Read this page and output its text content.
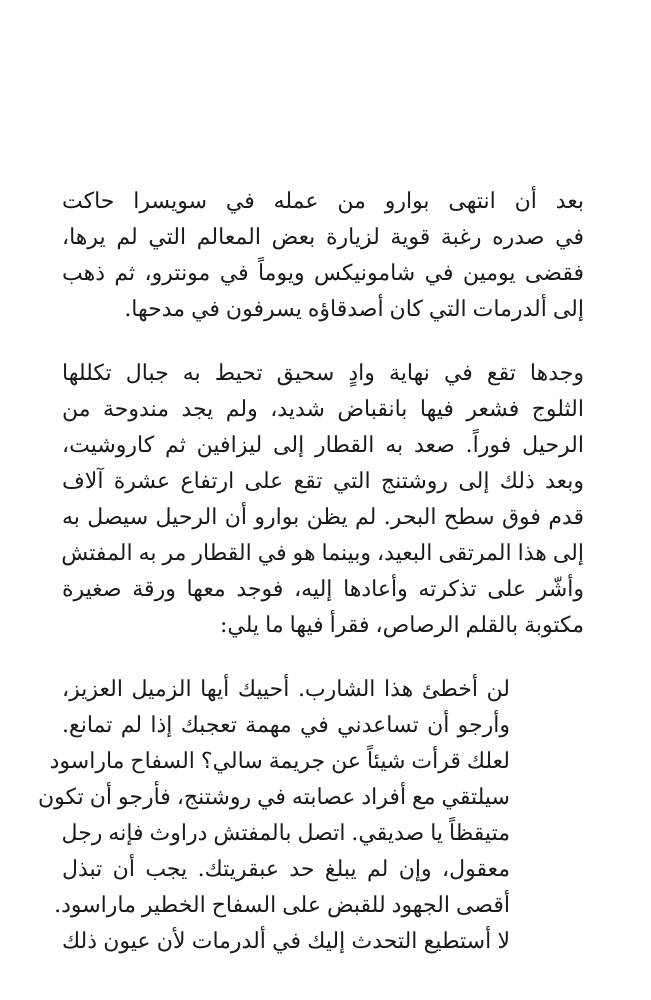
بعد أن انتهى بوارو من عمله في سويسرا حاكت
في صدره رغبة قوية لزيارة بعض المعالم التي لم يرها،
فقضى يومين في شامونيكس ويوماً في مونترو، ثم ذهب
إلى ألدرمات التي كان أصدقاؤه يسرفون في مدحها.
وجدها تقع في نهاية وادٍ سحيق تحيط به جبال تكللها
الثلوج فشعر فيها بانقباض شديد، ولم يجد مندوحة من
الرحيل فوراً. صعد به القطار إلى ليزافين ثم كاروشيت،
وبعد ذلك إلى روشتنج التي تقع على ارتفاع عشرة آلاف
قدم فوق سطح البحر. لم يظن بوارو أن الرحيل سيصل به
إلى هذا المرتقى البعيد، وبينما هو في القطار مر به المفتش
وأشّر على تذكرته وأعادها إليه، فوجد معها ورقة صغيرة
مكتوبة بالقلم الرصاص، فقرأ فيها ما يلي:
لن أخطئ هذا الشارب. أحييك أيها الزميل العزيز،
وأرجو أن تساعدني في مهمة تعجبك إذا لم تمانع.
لعلك قرأت شيئاً عن جريمة سالي؟ السفاح ماراسود
سيلتقي مع أفراد عصابته في روشتنج، فأرجو أن تكون
متيقظاً يا صديقي. اتصل بالمفتش دراوث فإنه رجل
معقول، وإن لم يبلغ حد عبقريتك. يجب أن تبذل
أقصى الجهود للقبض على السفاح الخطير ماراسود.
لا أستطيع التحدث إليك في ألدرمات لأن عيون ذلك
